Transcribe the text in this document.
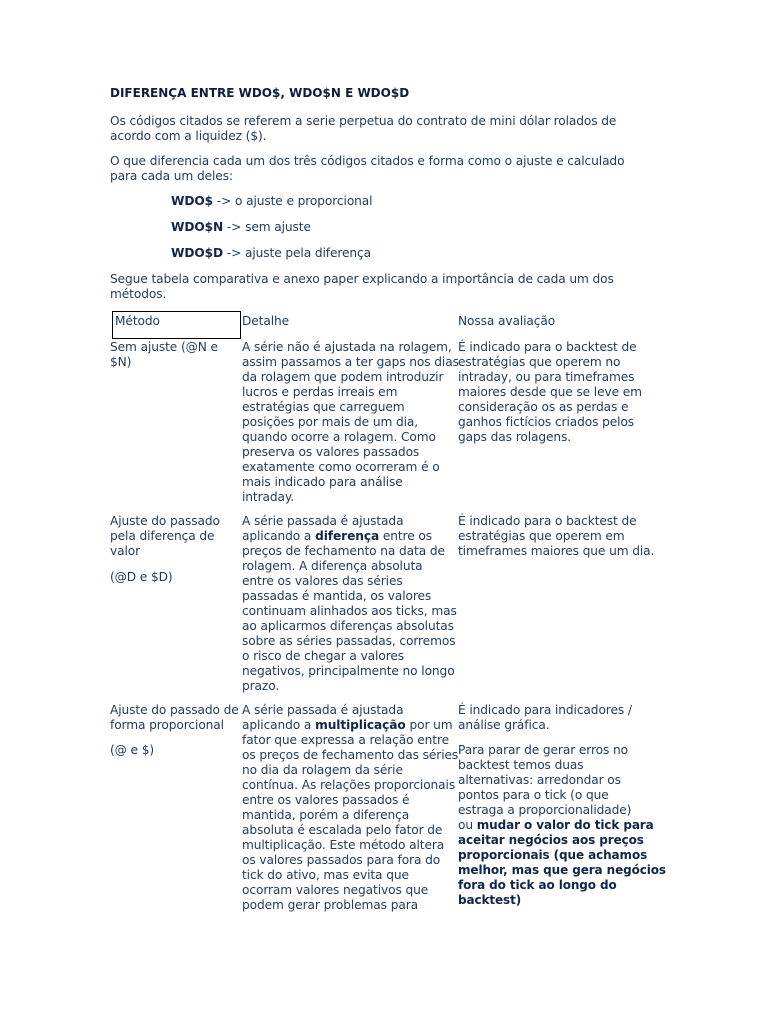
DIFERENÇA ENTRE WDO$, WDO$N E WDO$D
Os códigos citados se referem a serie perpetua do contrato de mini dólar rolados de
acordo com a liquidez ($).
O que diferencia cada um dos três códigos citados e forma como o ajuste e calculado
para cada um deles:
WDO$ -> o ajuste e proporcional
WDO$N -> sem ajuste
WDO$D -> ajuste pela diferença
Segue tabela comparativa e anexo paper explicando a importância de cada um dos
métodos.
Método	Detalhe	Nossa avaliação
Sem ajuste (@N e
$N)
A série não é ajustada na rolagem,
assim passamos a ter gaps nos dias
da rolagem que podem introduzir
lucros e perdas irreais em
estratégias que carreguem
posições por mais de um dia,
quando ocorre a rolagem. Como
preserva os valores passados
exatamente como ocorreram é o
mais indicado para análise
intraday.
É indicado para o backtest de
estratégias que operem no
intraday, ou para timeframes
maiores desde que se leve em
consideração os as perdas e
ganhos fictícios criados pelos
gaps das rolagens.
Ajuste do passado
pela diferença de
valor
(@D e $D)
A série passada é ajustada
aplicando a diferença entre os
preços de fechamento na data de
rolagem. A diferença absoluta
entre os valores das séries
passadas é mantida, os valores
continuam alinhados aos ticks, mas
ao aplicarmos diferenças absolutas
sobre as séries passadas, corremos
o risco de chegar a valores
negativos, principalmente no longo
prazo.
É indicado para o backtest de
estratégias que operem em
timeframes maiores que um dia.
Ajuste do passado de
forma proporcional
(@ e $)
A série passada é ajustada
aplicando a multiplicação por um
fator que expressa a relação entre
os preços de fechamento das séries
no dia da rolagem da série
contínua. As relações proporcionais
entre os valores passados é
mantida, porém a diferença
absoluta é escalada pelo fator de
multiplicação. Este método altera
os valores passados para fora do
tick do ativo, mas evita que
ocorram valores negativos que
podem gerar problemas para
É indicado para indicadores /
análise gráfica.
Para parar de gerar erros no
backtest temos duas
alternativas: arredondar os
pontos para o tick (o que
estraga a proporcionalidade)
ou mudar o valor do tick para
aceitar negócios aos preços
proporcionais (que achamos
melhor, mas que gera negócios
fora do tick ao longo do
backtest)
